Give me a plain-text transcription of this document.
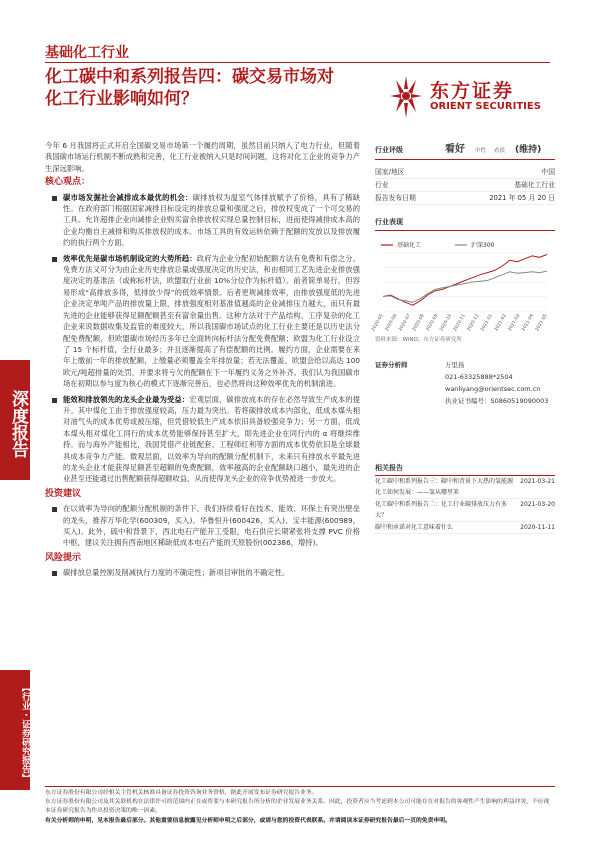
基础化工行业
化工碳中和系列报告四：碳交易市场对化工行业影响如何？	东方证券
ORIENT SECURITIES

今年 6 月我国将正式开启全国碳交易市场第一个履约周期，虽然目前只纳入了电力行业，但随着我国碳市场运行机制不断成熟和完善，化工行业被纳入只是时间问题，这将对化工企业的竞争力产生深远影响。

核心观点：
碳市场发掘社会减排成本最优的机会：碳排放权为温室气体排放赋予了价格，具有了稀缺性。在政府部门根据国家减排目标设定的排放总量和强度之后，排放权变成了一个可交易的工具。允许超排企业向减排企业购买富余排放权实现总量控制目标，进而使得减排成本高的企业均衡自主减排和购买排放权的成本。市场工具的有效运转依赖于配额的发放以及排放履约的执行两个方面。
效率优先是碳市场机制设定的大势所趋：政府为企业分配初始配额方法有免费和有偿之分。免费方法又可分为由企业历史排放总量或强度决定的历史法，和由相同工艺先进企业排放强度决定的基准法（或称标杆法，欧盟取行业前 10%分位作为标杆值）。前者简单易行，但容易形成“高排放多得，低排放少得”的低效率情景。后者更规减排效率，由排放强度低的先进企业决定单吨产品的排放量上限，排放强度相对基准值越高的企业减排压力越大，而只有最先进的企业能够获得足额配额甚至有富余量出售。这种方法对于产品结构、工序复杂的化工企业来说数据收集及监管的难度较大，所以我国碳市场试点的化工行业主要还是以历史法分配免费配额，但欧盟碳市场经历多年已全面转向标杆法分配免费配额；欧盟为化工行业设立了 15 个标杆值，全行业最多；并且逐渐提高了有偿配额的比例。履约方面，企业需要在来年上缴前一年的排放配额，上缴量必须覆盖全年排放量；若无法覆盖，欧盟会给以高达 100 欧元/吨超排量的处罚，并要求将亏欠的配额在下一年履约义务之外补齐。我们认为我国碳市场在初期以参与度为核心的模式下逐渐完善后，也必然将向这种效率优先的机制演进。
能效和排放领先的龙头企业最为受益：宏观层面，碳排放成本的存在必然导致生产成本的提升。其中煤化工由于排放强度较高，压力最为突出。若将碳排放成本内部化，低成本煤头相对油气头的成本优势或被压缩，但凭借较低生产成本依旧具备较强竞争力；另一方面，低成本煤头相对煤化工同行的成本优势能够保持甚至扩大，即先进企业在同行内的 α 将继续维持。而与海外产能相比，我国凭借产业链配套、工程师红利等方面的成本优势依旧是全球最具成本竞争力产能。微观层面，以效率为导向的配额分配机制下，未来只有排放水平最先进的龙头企业才能获得足额甚至超额的免费配额，效率越高的企业配额缺口越小，最先进的企业甚至还能通过出售配额获得超额收益，从而使得龙头企业的竞争优势被进一步放大。
投资建议
在以效率为导向的配额分配机制的条件下，我们持续看好在技术、能效、环保上有突出壁垒的龙头，推荐万华化学(600309，买入)、华鲁恒升(600426，买入)、宝丰能源(600989，买入)。此外，硫中和背景下，西北电石产能开工受限，电石供应长期紧张将支撑 PVC 价格中枢，建议关注拥有西南地区稀缺低成本电石产能的天原股份(002386，增持)。
风险提示
碳排放总量控制及削减执行力度的不确定性；新项目审批的不确定性。
行业评级	看好 中性 看淡 (维持)
国家/地区	中国
行业	基础化工行业
报告发布日期	2021 年 05 月 20 日
行业表现
基础化工	沪深300
2020-05 2020-06 2020-07 2020-08 2020-09 2020-10 2020-11 2020-12 2021-01 2021-02 2021-03 2021-04 2021-05
资料来源：WIND、东方证券研究所
证券分析师	万里扬
021-63325888*2504
wanliyang@orientsec.com.cn
执业证书编号：S0860519090003
相关报告
化工碳中和系列报告三：碳中和背景下大热的氢能源化工如何发展：——氢从哪里来
2021-03-21
化工碳中和系列报告二：化工行业碳排放压力有多大？
2021-03-20
碳中和承诺对化工意味着什么	2020-11-11
深度报告
【行业 · 证券研究报告】
东方证券股份有限公司经相关主管机关核准具备证券投资咨询业务资格，据此开展发布证券研究报告业务。
东方证券股份有限公司及其关联机构在法律许可的范围内正在或将要与本研究报告所分析的企业发展业务关系。因此，投资者应当考虑到本公司可能存在对报告的客观性产生影响的利益冲突，不应视本证券研究报告为作出投资决策的唯一因素。
有关分析师的申明，见本报告最后部分。其他重要信息披露见分析师申明之后部分，或请与您的投资代表联系。并请阅读本证券研究报告最后一页的免责申明。
